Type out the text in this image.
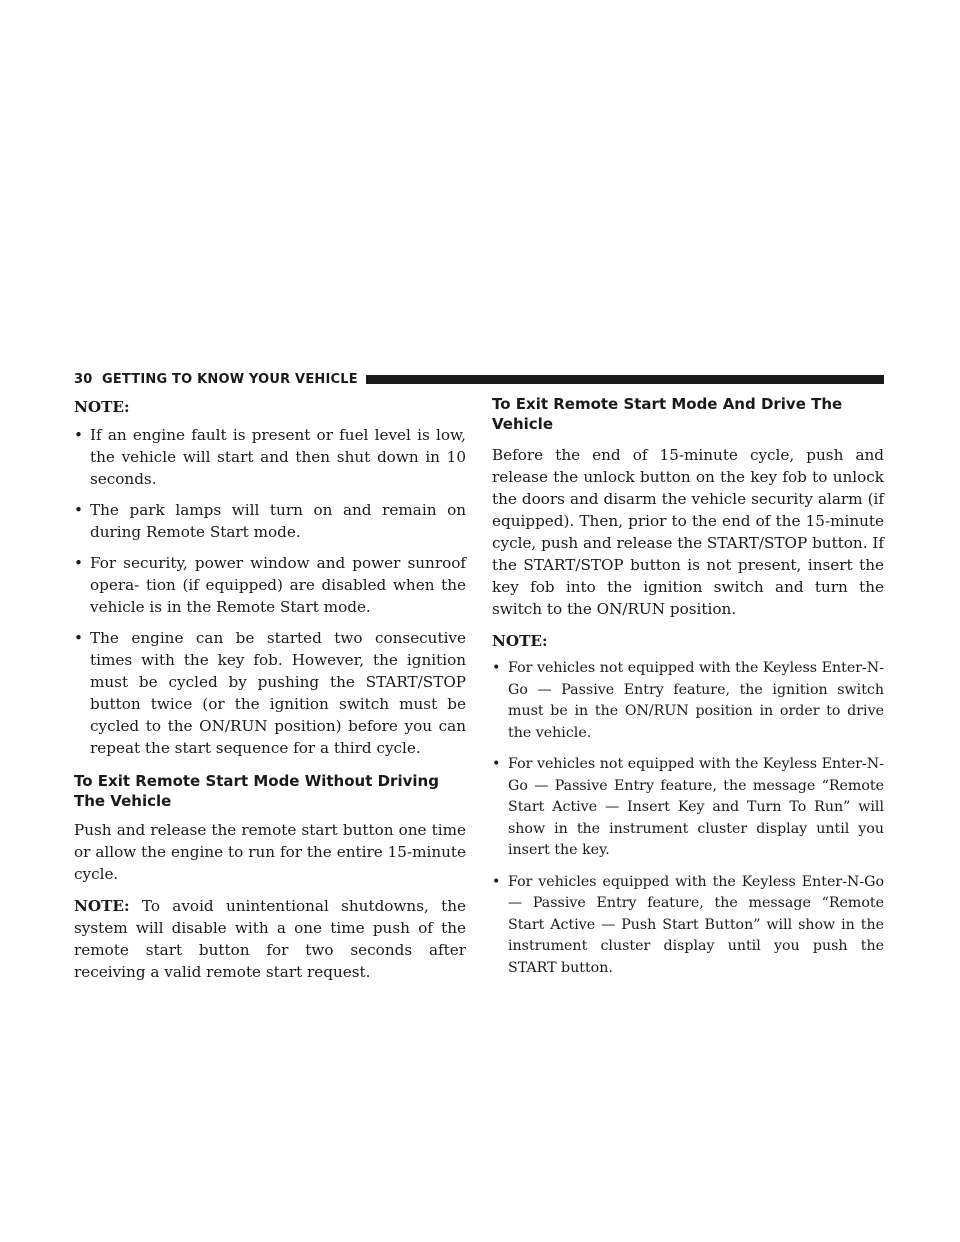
30
GETTING TO KNOW YOUR VEHICLE
NOTE:
• If an engine fault is present or fuel level is low, the vehicle will start and then shut down in 10 seconds.
• The park lamps will turn on and remain on during Remote Start mode.
• For security, power window and power sunroof opera- tion (if equipped) are disabled when the vehicle is in the Remote Start mode.
• The engine can be started two consecutive times with the key fob. However, the ignition must be cycled by pushing the START/STOP button twice (or the ignition switch must be cycled to the ON/RUN position) before you can repeat the start sequence for a third cycle.
To Exit Remote Start Mode Without Driving The Vehicle

Push and release the remote start button one time or allow the engine to run for the entire 15-minute cycle.

NOTE: To avoid unintentional shutdowns, the system will disable with a one time push of the remote start button for two seconds after receiving a valid remote start request.

To Exit Remote Start Mode And Drive The Vehicle

Before the end of 15-minute cycle, push and release the unlock button on the key fob to unlock the doors and disarm the vehicle security alarm (if equipped). Then, prior to the end of the 15-minute cycle, push and release the START/STOP button. If the START/STOP button is not present, insert the key fob into the ignition switch and turn the switch to the ON/RUN position.

NOTE:
• For vehicles not equipped with the Keyless Enter-N-Go — Passive Entry feature, the ignition switch must be in the ON/RUN position in order to drive the vehicle.
• For vehicles not equipped with the Keyless Enter-N-Go — Passive Entry feature, the message “Remote Start Active — Insert Key and Turn To Run” will show in the instrument cluster display until you insert the key.
• For vehicles equipped with the Keyless Enter-N-Go — Passive Entry feature, the message “Remote Start Active — Push Start Button” will show in the instrument cluster display until you push the START button.
